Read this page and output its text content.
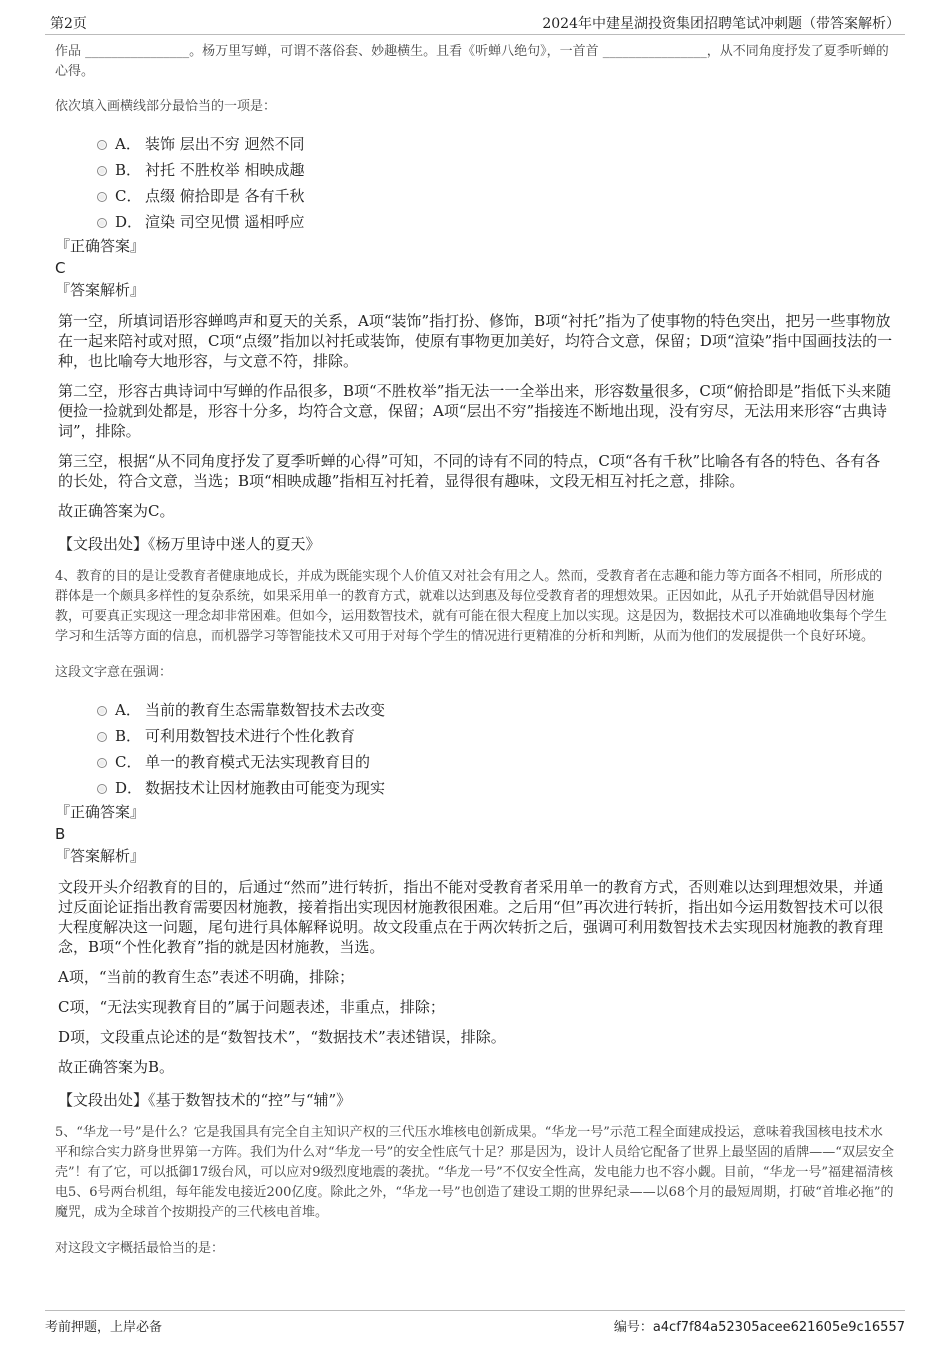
第2页	2024年中建星湖投资集团招聘笔试冲刺题（带答案解析）

作品 ________________。杨万里写蝉，可谓不落俗套、妙趣横生。且看《听蝉八绝句》，一首首 ________________，从不同角度抒发了夏季听蝉的心得。

依次填入画横线部分最恰当的一项是：

A． 装饰 层出不穷 迥然不同
B． 衬托 不胜枚举 相映成趣
C． 点缀 俯拾即是 各有千秋
D． 渲染 司空见惯 遥相呼应

『正确答案』

C

『答案解析』

第一空，所填词语形容蝉鸣声和夏天的关系，A项“装饰”指打扮、修饰，B项“衬托”指为了使事物的特色突出，把另一些事物放在一起来陪衬或对照，C项“点缀”指加以衬托或装饰，使原有事物更加美好，均符合文意，保留；D项“渲染”指中国画技法的一种，也比喻夸大地形容，与文意不符，排除。

第二空，形容古典诗词中写蝉的作品很多，B项“不胜枚举”指无法一一全举出来，形容数量很多，C项“俯拾即是”指低下头来随便捡一捡就到处都是，形容十分多，均符合文意，保留；A项“层出不穷”指接连不断地出现，没有穷尽，无法用来形容“古典诗词”，排除。

第三空，根据“从不同角度抒发了夏季听蝉的心得”可知，不同的诗有不同的特点，C项“各有千秋”比喻各有各的特色、各有各的长处，符合文意，当选；B项“相映成趣”指相互衬托着，显得很有趣味，文段无相互衬托之意，排除。

故正确答案为C。

【文段出处】《杨万里诗中迷人的夏天》

4、教育的目的是让受教育者健康地成长，并成为既能实现个人价值又对社会有用之人。然而，受教育者在志趣和能力等方面各不相同，所形成的群体是一个颇具多样性的复杂系统，如果采用单一的教育方式，就难以达到惠及每位受教育者的理想效果。正因如此，从孔子开始就倡导因材施教，可要真正实现这一理念却非常困难。但如今，运用数智技术，就有可能在很大程度上加以实现。这是因为，数据技术可以准确地收集每个学生学习和生活等方面的信息，而机器学习等智能技术又可用于对每个学生的情况进行更精准的分析和判断，从而为他们的发展提供一个良好环境。

这段文字意在强调：

A． 当前的教育生态需靠数智技术去改变
B． 可利用数智技术进行个性化教育
C． 单一的教育模式无法实现教育目的
D． 数据技术让因材施教由可能变为现实

『正确答案』

B

『答案解析』

文段开头介绍教育的目的，后通过“然而”进行转折，指出不能对受教育者采用单一的教育方式，否则难以达到理想效果，并通过反面论证指出教育需要因材施教，接着指出实现因材施教很困难。之后用“但”再次进行转折，指出如今运用数智技术可以很大程度解决这一问题，尾句进行具体解释说明。故文段重点在于两次转折之后，强调可利用数智技术去实现因材施教的教育理念，B项“个性化教育”指的就是因材施教，当选。

A项，“当前的教育生态”表述不明确，排除；

C项，“无法实现教育目的”属于问题表述，非重点，排除；

D项，文段重点论述的是“数智技术”，“数据技术”表述错误，排除。

故正确答案为B。

【文段出处】《基于数智技术的“控”与“辅”》

5、“华龙一号”是什么？它是我国具有完全自主知识产权的三代压水堆核电创新成果。“华龙一号”示范工程全面建成投运，意味着我国核电技术水平和综合实力跻身世界第一方阵。我们为什么对“华龙一号”的安全性底气十足？那是因为，设计人员给它配备了世界上最坚固的盾牌——“双层安全壳”！有了它，可以抵御17级台风，可以应对9级烈度地震的袭扰。“华龙一号”不仅安全性高，发电能力也不容小觑。目前，“华龙一号”福建福清核电5、6号两台机组，每年能发电接近200亿度。除此之外，“华龙一号”也创造了建设工期的世界纪录——以68个月的最短周期，打破“首堆必拖”的魔咒，成为全球首个按期投产的三代核电首堆。

对这段文字概括最恰当的是：

考前押题，上岸必备	编号：a4cf7f84a52305acee621605e9c16557
